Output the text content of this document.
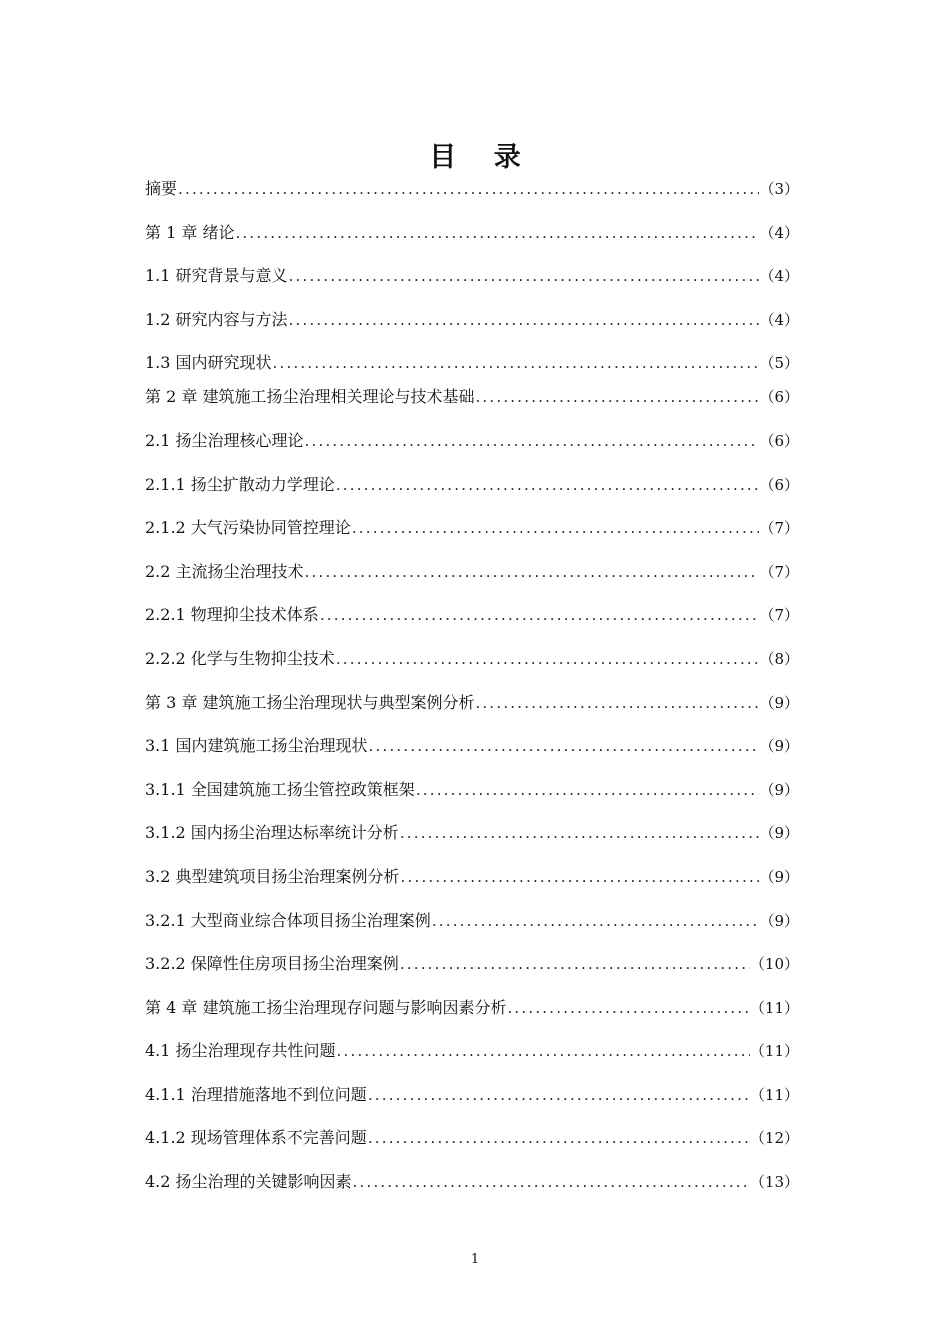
目 录
摘要 .....	（3）
第 1 章 绪论 .....	（4）
1.1 研究背景与意义 .....	（4）
1.2 研究内容与方法 .....	（4）
1.3 国内研究现状 .....	（5）
第 2 章 建筑施工扬尘治理相关理论与技术基础 .....	（6）
2.1 扬尘治理核心理论 .....	（6）
2.1.1 扬尘扩散动力学理论 .....	（6）
2.1.2 大气污染协同管控理论 .....	（7）
2.2 主流扬尘治理技术 .....	（7）
2.2.1 物理抑尘技术体系 .....	（7）
2.2.2 化学与生物抑尘技术 .....	（8）
第 3 章 建筑施工扬尘治理现状与典型案例分析 .....	（9）
3.1 国内建筑施工扬尘治理现状 .....	（9）
3.1.1 全国建筑施工扬尘管控政策框架 .....	（9）
3.1.2 国内扬尘治理达标率统计分析 .....	（9）
3.2 典型建筑项目扬尘治理案例分析 .....	（9）
3.2.1 大型商业综合体项目扬尘治理案例 .....	（9）
3.2.2 保障性住房项目扬尘治理案例 .....	（10）
第 4 章 建筑施工扬尘治理现存问题与影响因素分析 .....	（11）
4.1 扬尘治理现存共性问题 .....	（11）
4.1.1 治理措施落地不到位问题 .....	（11）
4.1.2 现场管理体系不完善问题 .....	（12）
4.2 扬尘治理的关键影响因素 .....	（13）
1
